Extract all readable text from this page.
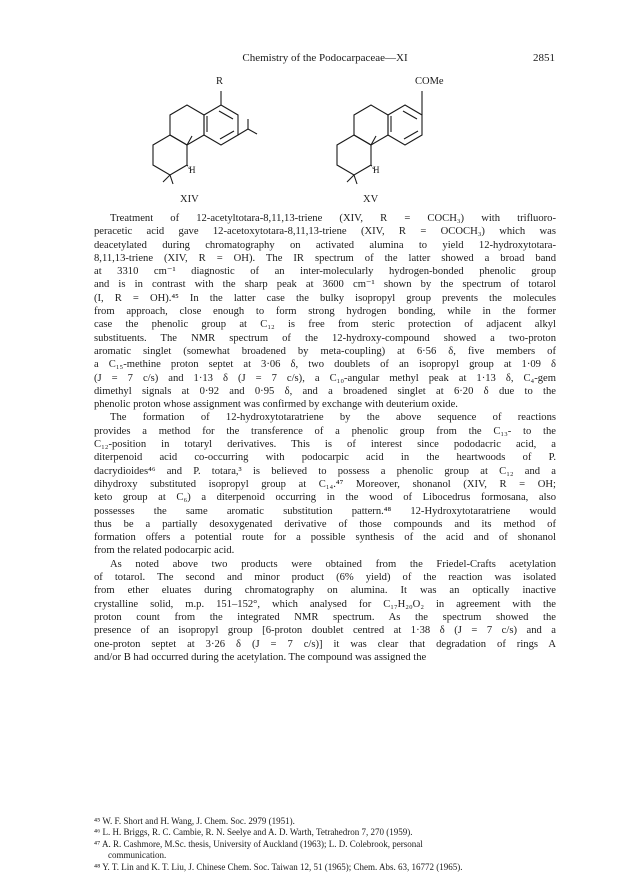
Chemistry of the Podocarpaceae—XI	2851
R	COMe
H	H
XIV	XV
Treatment of 12-acetyltotara-8,11,13-triene (XIV, R = COCH₃) with trifluoro-
peracetic acid gave 12-acetoxytotara-8,11,13-triene (XIV, R = OCOCH₃) which was
deacetylated during chromatography on activated alumina to yield 12-hydroxytotara-
8,11,13-triene (XIV, R = OH). The IR spectrum of the latter showed a broad band
at 3310 cm⁻¹ diagnostic of an inter-molecularly hydrogen-bonded phenolic group
and is in contrast with the sharp peak at 3600 cm⁻¹ shown by the spectrum of totarol
(I, R = OH).⁴⁵ In the latter case the bulky isopropyl group prevents the molecules
from approach, close enough to form strong hydrogen bonding, while in the former
case the phenolic group at C₁₂ is free from steric protection of adjacent alkyl
substituents. The NMR spectrum of the 12-hydroxy-compound showed a two-proton
aromatic singlet (somewhat broadened by meta-coupling) at 6·56 δ, five members of
a C₁₅-methine proton septet at 3·06 δ, two doublets of an isopropyl group at 1·09 δ
(J = 7 c/s) and 1·13 δ (J = 7 c/s), a C₁₀-angular methyl peak at 1·13 δ, C₄-gem
dimethyl signals at 0·92 and 0·95 δ, and a broadened singlet at 6·20 δ due to the
phenolic proton whose assignment was confirmed by exchange with deuterium oxide.
The formation of 12-hydroxytotaratriene by the above sequence of reactions
provides a method for the transference of a phenolic group from the C₁₃- to the
C₁₂-position in totaryl derivatives. This is of interest since pododacric acid, a
diterpenoid acid co-occurring with podocarpic acid in the heartwoods of P.
dacrydioides⁴⁶ and P. totara,³ is believed to possess a phenolic group at C₁₂ and a
dihydroxy substituted isopropyl group at C₁₄.⁴⁷ Moreover, shonanol (XIV, R = OH;
keto group at C₆) a diterpenoid occurring in the wood of Libocedrus formosana, also
possesses the same aromatic substitution pattern.⁴⁸ 12-Hydroxytotaratriene would
thus be a partially desoxygenated derivative of those compounds and its method of
formation offers a potential route for a possible synthesis of the acid and of shonanol
from the related podocarpic acid.
As noted above two products were obtained from the Friedel-Crafts acetylation
of totarol. The second and minor product (6% yield) of the reaction was isolated
from ether eluates during chromatography on alumina. It was an optically inactive
crystalline solid, m.p. 151–152°, which analysed for C₁₇H₂₀O₂ in agreement with the
proton count from the integrated NMR spectrum. As the spectrum showed the
presence of an isopropyl group [6-proton doublet centred at 1·38 δ (J = 7 c/s) and a
one-proton septet at 3·26 δ (J = 7 c/s)] it was clear that degradation of rings A
and/or B had occurred during the acetylation. The compound was assigned the
⁴⁵ W. F. Short and H. Wang, J. Chem. Soc. 2979 (1951).
⁴⁶ L. H. Briggs, R. C. Cambie, R. N. Seelye and A. D. Warth, Tetrahedron 7, 270 (1959).
⁴⁷ A. R. Cashmore, M.Sc. thesis, University of Auckland (1963); L. D. Colebrook, personal
communication.
⁴⁸ Y. T. Lin and K. T. Liu, J. Chinese Chem. Soc. Taiwan 12, 51 (1965); Chem. Abs. 63, 16772 (1965).
